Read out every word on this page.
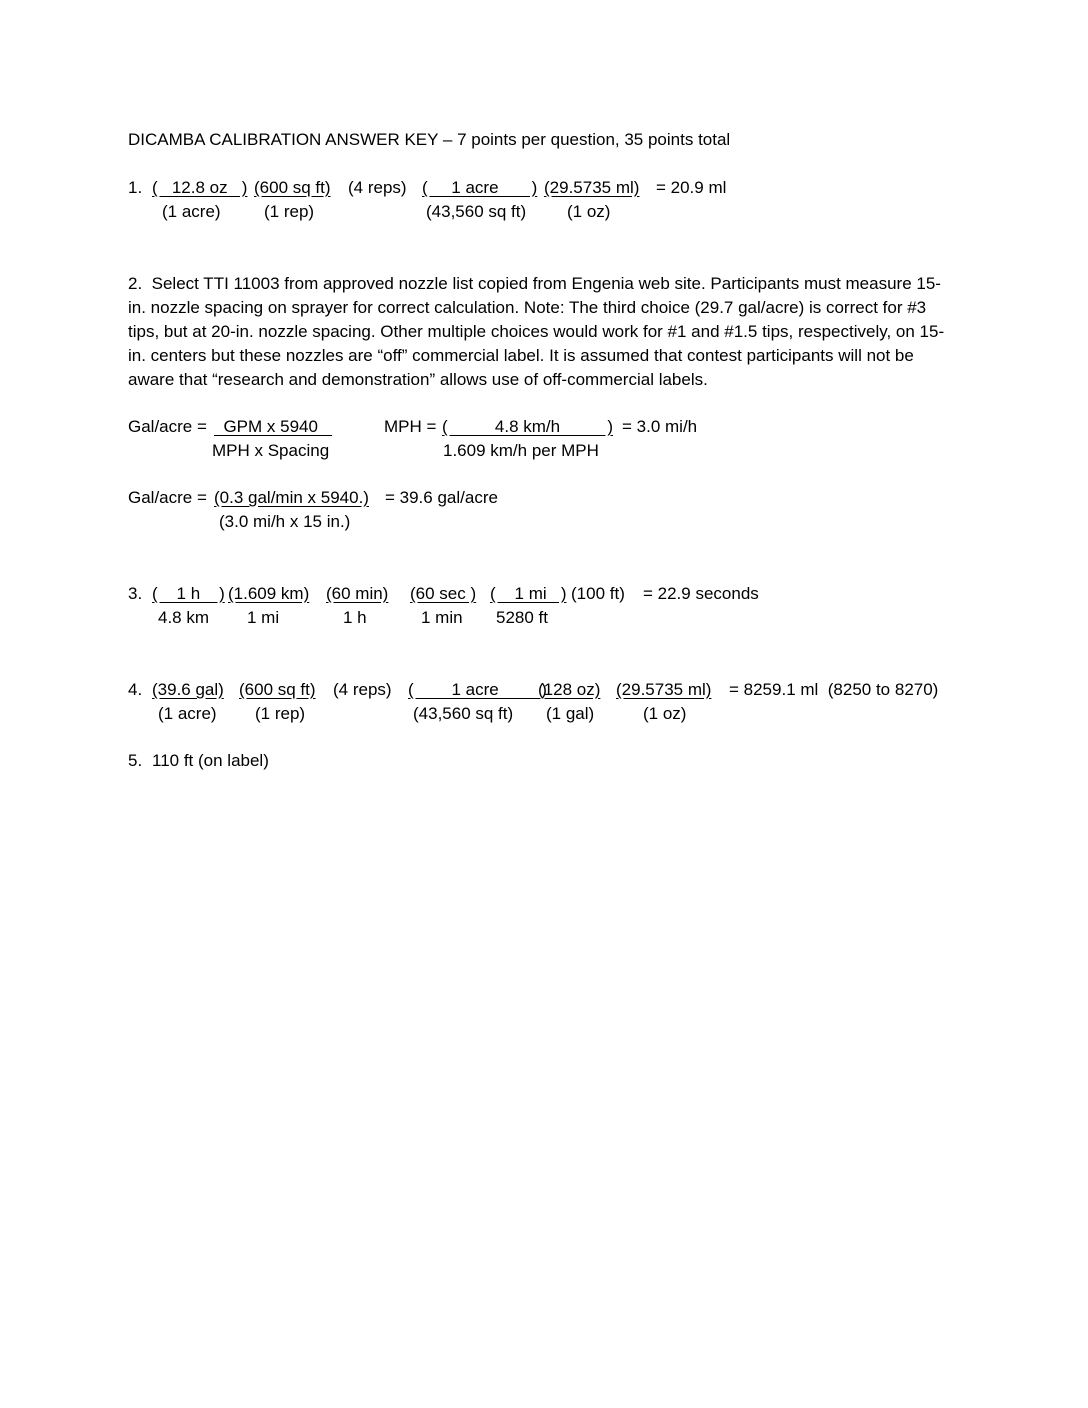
DICAMBA CALIBRATION ANSWER KEY – 7 points per question, 35 points total
1. (   12.8 oz   )
(1 acre)
(600 sq ft)
(1 rep)
(4 reps) (     1 acre       )
(43,560 sq ft)
(29.5735 ml)
(1 oz)
= 20.9 ml
2. Select TTI 11003 from approved nozzle list copied from Engenia web site. Participants must measure 15-in. nozzle spacing on sprayer for correct calculation. Note: The third choice (29.7 gal/acre) is correct for #3 tips, but at 20-in. nozzle spacing. Other multiple choices would work for #1 and #1.5 tips, respectively, on 15-in. centers but these nozzles are “off” commercial label. It is assumed that contest participants will not be aware that “research and demonstration” allows use of off-commercial labels.
Gal/acre = GPM x 5940
MPH x Spacing
MPH = (          4.8 km/h          )
1.609 km/h per MPH
= 3.0 mi/h
Gal/acre = (0.3 gal/min x 5940.)
(3.0 mi/h x 15 in.)
= 39.6 gal/acre
3. (    1 h    )
4.8 km
(1.609 km)
1 mi
(60 min)
1 h
(60 sec )
1 min
(    1 mi   )
5280 ft
(100 ft) = 22.9 seconds
4. (39.6 gal)
(1 acre)
(600 sq ft)
(1 rep)
(4 reps) (        1 acre         )
(43,560 sq ft)
(128 oz)
(1 gal)
(29.5735 ml)
(1 oz)
= 8259.1 ml  (8250 to 8270)
5. 110 ft (on label)
